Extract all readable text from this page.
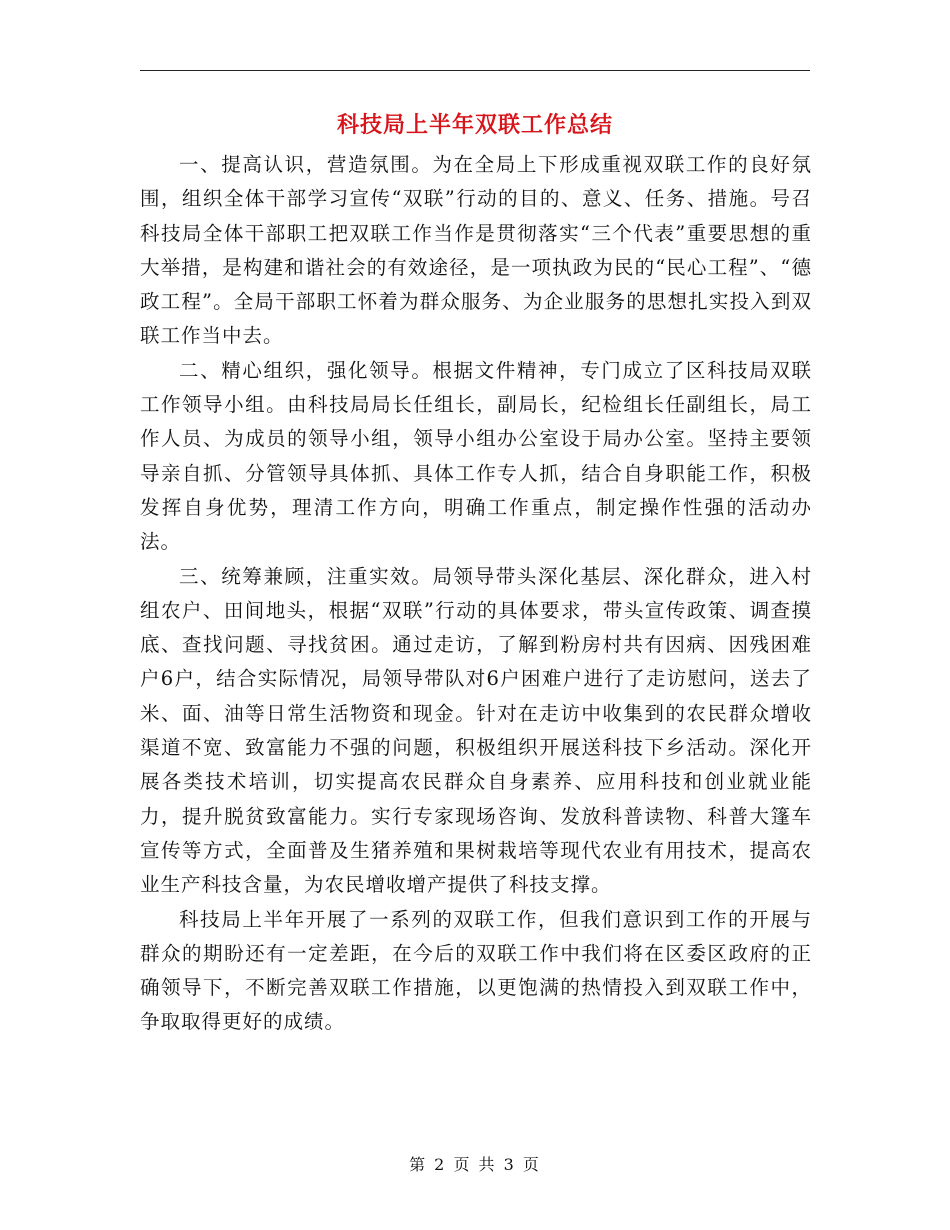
科技局上半年双联工作总结

一、提高认识，营造氛围。为在全局上下形成重视双联工作的良好氛围，组织全体干部学习宣传“双联”行动的目的、意义、任务、措施。号召科技局全体干部职工把双联工作当作是贯彻落实“三个代表”重要思想的重大举措，是构建和谐社会的有效途径，是一项执政为民的“民心工程”、“德政工程”。全局干部职工怀着为群众服务、为企业服务的思想扎实投入到双联工作当中去。

二、精心组织，强化领导。根据文件精神，专门成立了区科技局双联工作领导小组。由科技局局长任组长，副局长，纪检组长任副组长，局工作人员、为成员的领导小组，领导小组办公室设于局办公室。坚持主要领导亲自抓、分管领导具体抓、具体工作专人抓，结合自身职能工作，积极发挥自身优势，理清工作方向，明确工作重点，制定操作性强的活动办法。

三、统筹兼顾，注重实效。局领导带头深化基层、深化群众，进入村组农户、田间地头，根据“双联”行动的具体要求，带头宣传政策、调查摸底、查找问题、寻找贫困。通过走访，了解到粉房村共有因病、因残困难户6户，结合实际情况，局领导带队对6户困难户进行了走访慰问，送去了米、面、油等日常生活物资和现金。针对在走访中收集到的农民群众增收渠道不宽、致富能力不强的问题，积极组织开展送科技下乡活动。深化开展各类技术培训，切实提高农民群众自身素养、应用科技和创业就业能力，提升脱贫致富能力。实行专家现场咨询、发放科普读物、科普大篷车宣传等方式，全面普及生猪养殖和果树栽培等现代农业有用技术，提高农业生产科技含量，为农民增收增产提供了科技支撑。

科技局上半年开展了一系列的双联工作，但我们意识到工作的开展与群众的期盼还有一定差距，在今后的双联工作中我们将在区委区政府的正确领导下，不断完善双联工作措施，以更饱满的热情投入到双联工作中，争取取得更好的成绩。

第 2 页 共 3 页
